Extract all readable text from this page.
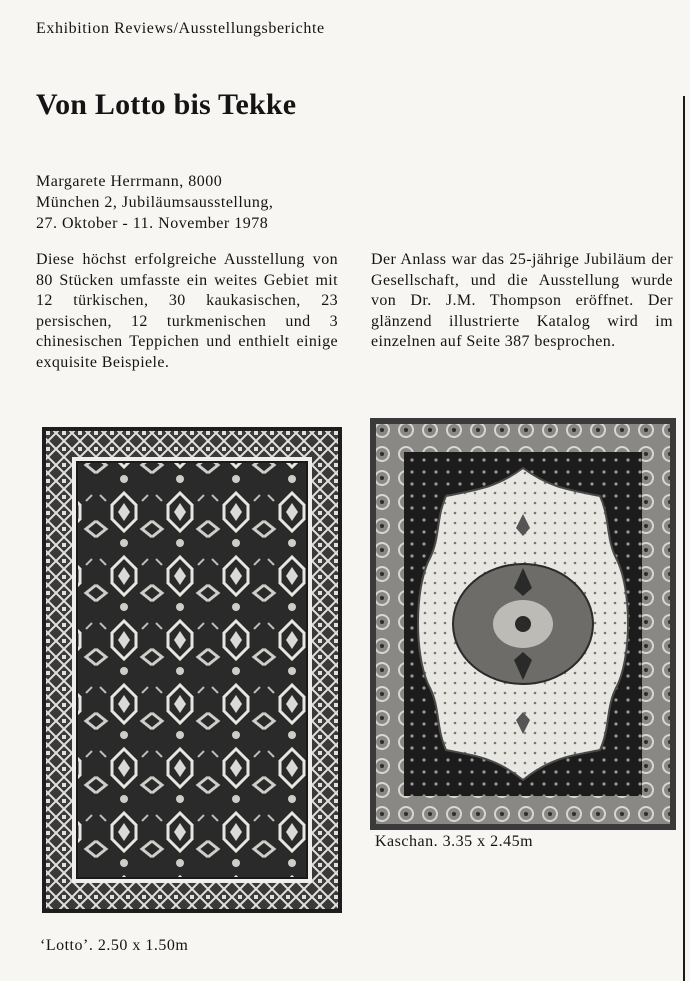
Exhibition Reviews/Ausstellungsberichte
Von Lotto bis Tekke
Margarete Herrmann, 8000
München 2, Jubiläumsausstellung,
27. Oktober - 11. November 1978
Diese höchst erfolgreiche Ausstellung von 80 Stücken umfasste ein weites Gebiet mit 12 türkischen, 30 kaukasischen, 23 persischen, 12 turkmenischen und 3 chinesischen Teppichen und enthielt einige exquisite Beispiele.
Der Anlass war das 25-jährige Jubiläum der Gesellschaft, und die Ausstellung wurde von Dr. J.M. Thompson eröffnet. Der glänzend illustrierte Katalog wird im einzelnen auf Seite 387 besprochen.
‘Lotto’. 2.50 x 1.50m
Kaschan. 3.35 x 2.45m
